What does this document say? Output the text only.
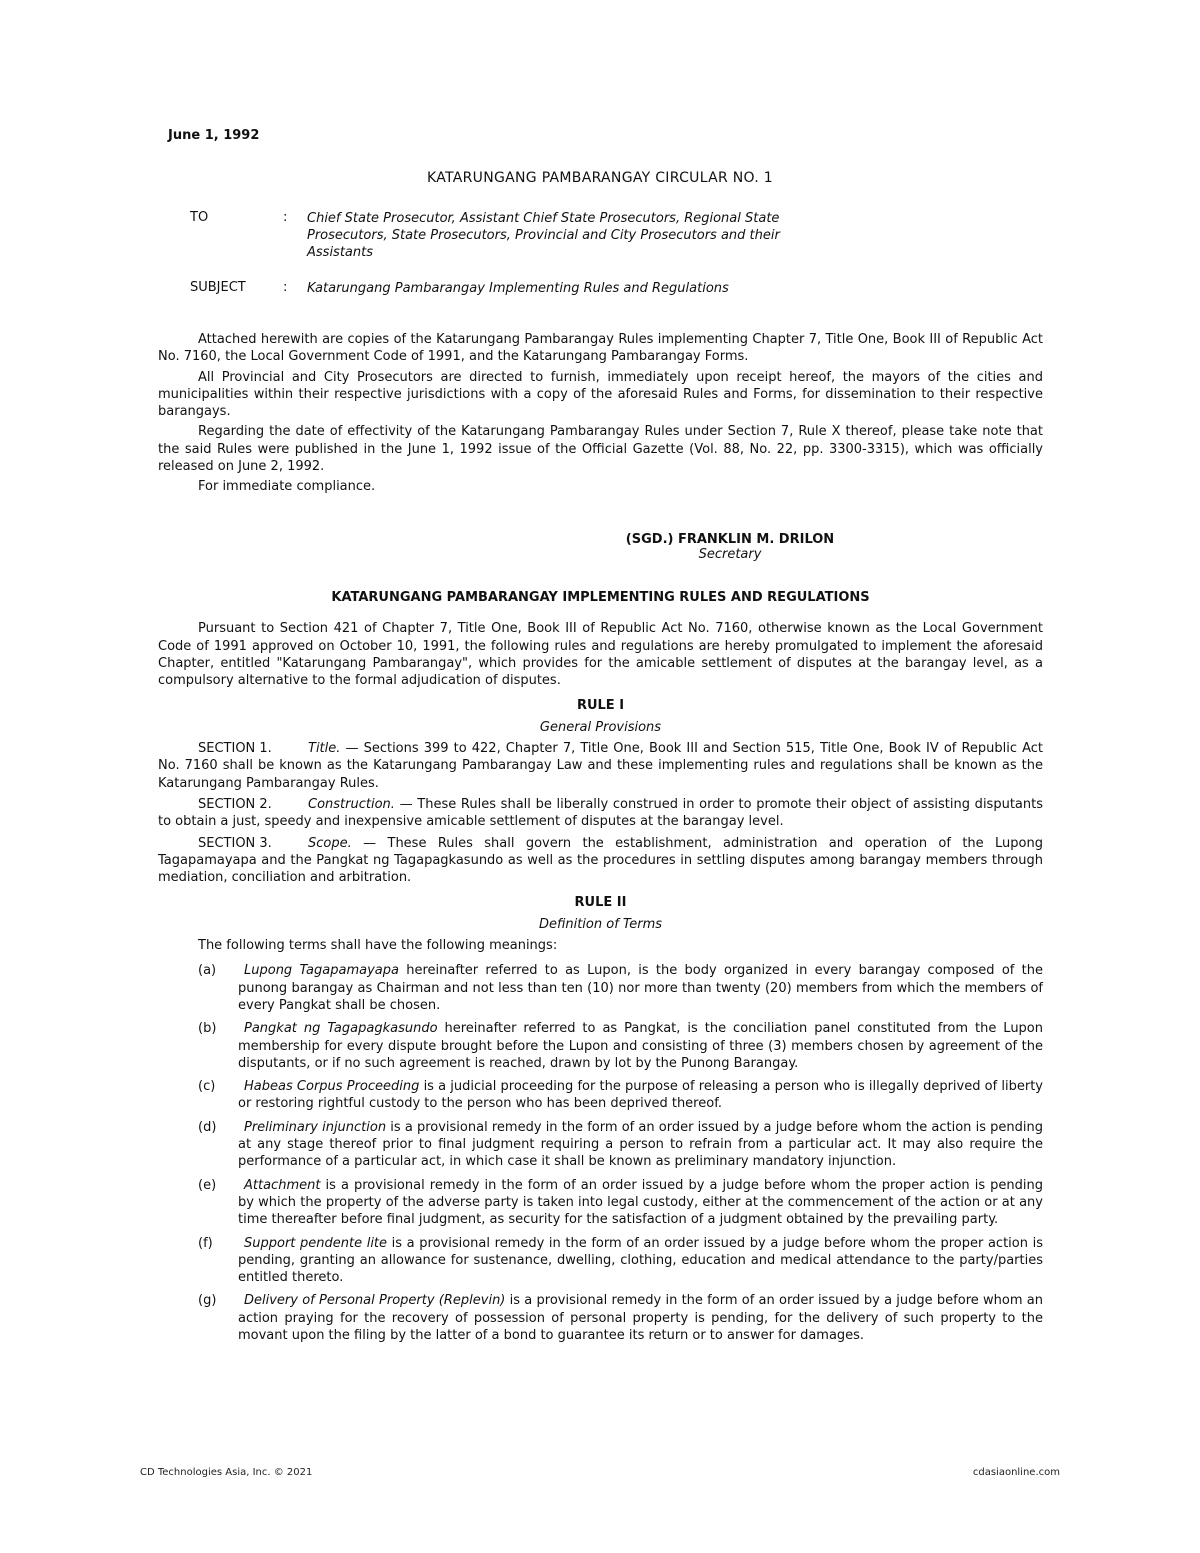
June 1, 1992
KATARUNGANG PAMBARANGAY CIRCULAR NO. 1
TO	: Chief State Prosecutor, Assistant Chief State Prosecutors, Regional State Prosecutors, State Prosecutors, Provincial and City Prosecutors and their Assistants
SUBJECT	: Katarungang Pambarangay Implementing Rules and Regulations

Attached herewith are copies of the Katarungang Pambarangay Rules implementing Chapter 7, Title One, Book III of Republic Act No. 7160, the Local Government Code of 1991, and the Katarungang Pambarangay Forms.

All Provincial and City Prosecutors are directed to furnish, immediately upon receipt hereof, the mayors of the cities and municipalities within their respective jurisdictions with a copy of the aforesaid Rules and Forms, for dissemination to their respective barangays.

Regarding the date of effectivity of the Katarungang Pambarangay Rules under Section 7, Rule X thereof, please take note that the said Rules were published in the June 1, 1992 issue of the Official Gazette (Vol. 88, No. 22, pp. 3300-3315), which was officially released on June 2, 1992.

For immediate compliance.

(SGD.) FRANKLIN M. DRILON
Secretary
KATARUNGANG PAMBARANGAY IMPLEMENTING RULES AND REGULATIONS

Pursuant to Section 421 of Chapter 7, Title One, Book III of Republic Act No. 7160, otherwise known as the Local Government Code of 1991 approved on October 10, 1991, the following rules and regulations are hereby promulgated to implement the aforesaid Chapter, entitled "Katarungang Pambarangay", which provides for the amicable settlement of disputes at the barangay level, as a compulsory alternative to the formal adjudication of disputes.

RULE I
General Provisions

SECTION 1.	Title. — Sections 399 to 422, Chapter 7, Title One, Book III and Section 515, Title One, Book IV of Republic Act No. 7160 shall be known as the Katarungang Pambarangay Law and these implementing rules and regulations shall be known as the Katarungang Pambarangay Rules.

SECTION 2.	Construction. — These Rules shall be liberally construed in order to promote their object of assisting disputants to obtain a just, speedy and inexpensive amicable settlement of disputes at the barangay level.

SECTION 3.	Scope. — These Rules shall govern the establishment, administration and operation of the Lupong Tagapamayapa and the Pangkat ng Tagapagkasundo as well as the procedures in settling disputes among barangay members through mediation, conciliation and arbitration.

RULE II
Definition of Terms

The following terms shall have the following meanings:

(a) Lupong Tagapamayapa hereinafter referred to as Lupon, is the body organized in every barangay composed of the punong barangay as Chairman and not less than ten (10) nor more than twenty (20) members from which the members of every Pangkat shall be chosen.
(b) Pangkat ng Tagapagkasundo hereinafter referred to as Pangkat, is the conciliation panel constituted from the Lupon membership for every dispute brought before the Lupon and consisting of three (3) members chosen by agreement of the disputants, or if no such agreement is reached, drawn by lot by the Punong Barangay.
(c) Habeas Corpus Proceeding is a judicial proceeding for the purpose of releasing a person who is illegally deprived of liberty or restoring rightful custody to the person who has been deprived thereof.
(d) Preliminary injunction is a provisional remedy in the form of an order issued by a judge before whom the action is pending at any stage thereof prior to final judgment requiring a person to refrain from a particular act. It may also require the performance of a particular act, in which case it shall be known as preliminary mandatory injunction.
(e) Attachment is a provisional remedy in the form of an order issued by a judge before whom the proper action is pending by which the property of the adverse party is taken into legal custody, either at the commencement of the action or at any time thereafter before final judgment, as security for the satisfaction of a judgment obtained by the prevailing party.
(f) Support pendente lite is a provisional remedy in the form of an order issued by a judge before whom the proper action is pending, granting an allowance for sustenance, dwelling, clothing, education and medical attendance to the party/parties entitled thereto.
(g) Delivery of Personal Property (Replevin) is a provisional remedy in the form of an order issued by a judge before whom an action praying for the recovery of possession of personal property is pending, for the delivery of such property to the movant upon the filing by the latter of a bond to guarantee its return or to answer for damages.
CD Technologies Asia, Inc. © 2021	cdasiaonline.com
